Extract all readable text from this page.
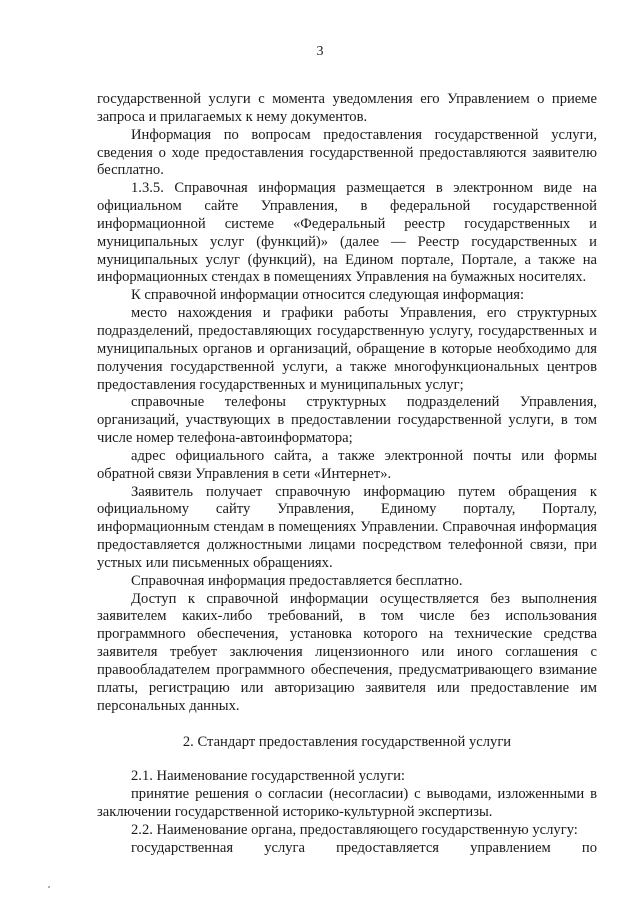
3

государственной услуги с момента уведомления его Управлением о приеме запроса и прилагаемых к нему документов.

Информация по вопросам предоставления государственной услуги, сведения о ходе предоставления государственной предоставляются заявителю бесплатно.

1.3.5. Справочная информация размещается в электронном виде на официальном сайте Управления, в федеральной государственной информационной системе «Федеральный реестр государственных и муниципальных услуг (функций)» (далее — Реестр государственных и муниципальных услуг (функций), на Едином портале, Портале, а также на информационных стендах в помещениях Управления на бумажных носителях.

К справочной информации относится следующая информация:

место нахождения и графики работы Управления, его структурных подразделений, предоставляющих государственную услугу, государственных и муниципальных органов и организаций, обращение в которые необходимо для получения государственной услуги, а также многофункциональных центров предоставления государственных и муниципальных услуг;

справочные телефоны структурных подразделений Управления, организаций, участвующих в предоставлении государственной услуги, в том числе номер телефона-автоинформатора;

адрес официального сайта, а также электронной почты или формы обратной связи Управления в сети «Интернет».

Заявитель получает справочную информацию путем обращения к официальному сайту Управления, Единому порталу, Порталу, информационным стендам в помещениях Управлении. Справочная информация предоставляется должностными лицами посредством телефонной связи, при устных или письменных обращениях.

Справочная информация предоставляется бесплатно.

Доступ к справочной информации осуществляется без выполнения заявителем каких-либо требований, в том числе без использования программного обеспечения, установка которого на технические средства заявителя требует заключения лицензионного или иного соглашения с правообладателем программного обеспечения, предусматривающего взимание платы, регистрацию или авторизацию заявителя или предоставление им персональных данных.

2. Стандарт предоставления государственной услуги

2.1. Наименование государственной услуги:

принятие решения о согласии (несогласии) с выводами, изложенными в заключении государственной историко-культурной экспертизы.

2.2. Наименование органа, предоставляющего государственную услугу:

государственная услуга предоставляется управлением по
